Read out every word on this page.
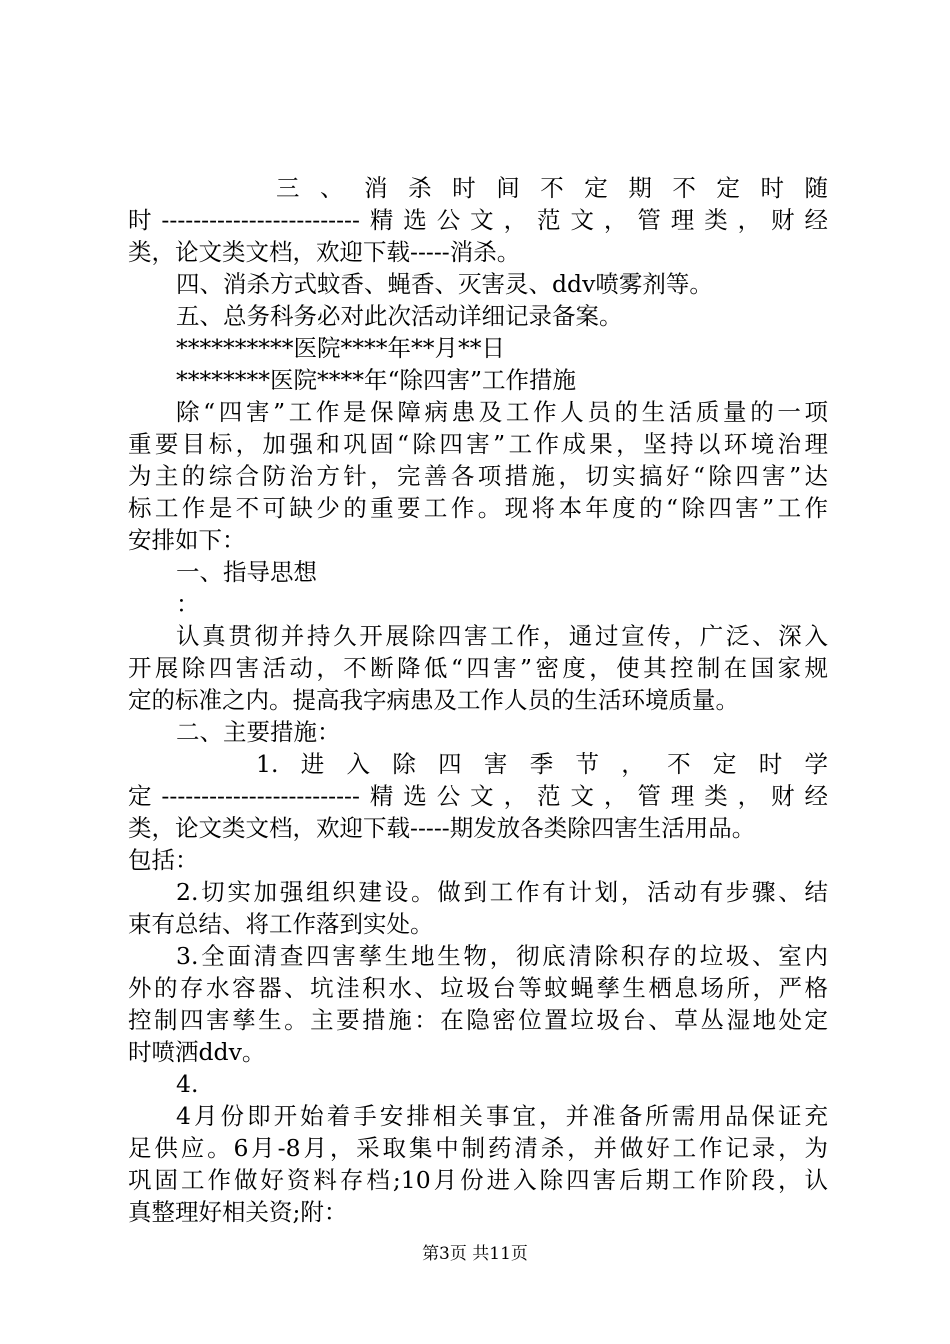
三、消杀时间不定期不定时随
时-------------------------精选公文，范文，管理类，财经
类，论文类文档，欢迎下载-----消杀。
四、消杀方式蚊香、蝇香、灭害灵、ddv喷雾剂等。
五、总务科务必对此次活动详细记录备案。
**********医院****年**月**日
********医院****年“除四害”工作措施
除“四害”工作是保障病患及工作人员的生活质量的一项
重要目标，加强和巩固“除四害”工作成果，坚持以环境治理
为主的综合防治方针，完善各项措施，切实搞好“除四害”达
标工作是不可缺少的重要工作。现将本年度的“除四害”工作
安排如下：
一、指导思想
：
认真贯彻并持久开展除四害工作，通过宣传，广泛、深入
开展除四害活动，不断降低“四害”密度，使其控制在国家规
定的标准之内。提高我字病患及工作人员的生活环境质量。
二、主要措施：
1.进入除四害季节，不定时学
定-------------------------精选公文，范文，管理类，财经
类，论文类文档，欢迎下载-----期发放各类除四害生活用品。
包括：
2.切实加强组织建设。做到工作有计划，活动有步骤、结
束有总结、将工作落到实处。
3.全面清查四害孳生地生物，彻底清除积存的垃圾、室内
外的存水容器、坑洼积水、垃圾台等蚊蝇孳生栖息场所，严格
控制四害孳生。主要措施：在隐密位置垃圾台、草丛湿地处定
时喷洒ddv。
4.
4月份即开始着手安排相关事宜，并准备所需用品保证充
足供应。6月-8月，采取集中制药清杀，并做好工作记录，为
巩固工作做好资料存档;10月份进入除四害后期工作阶段，认
真整理好相关资;附：
第3页 共11页
